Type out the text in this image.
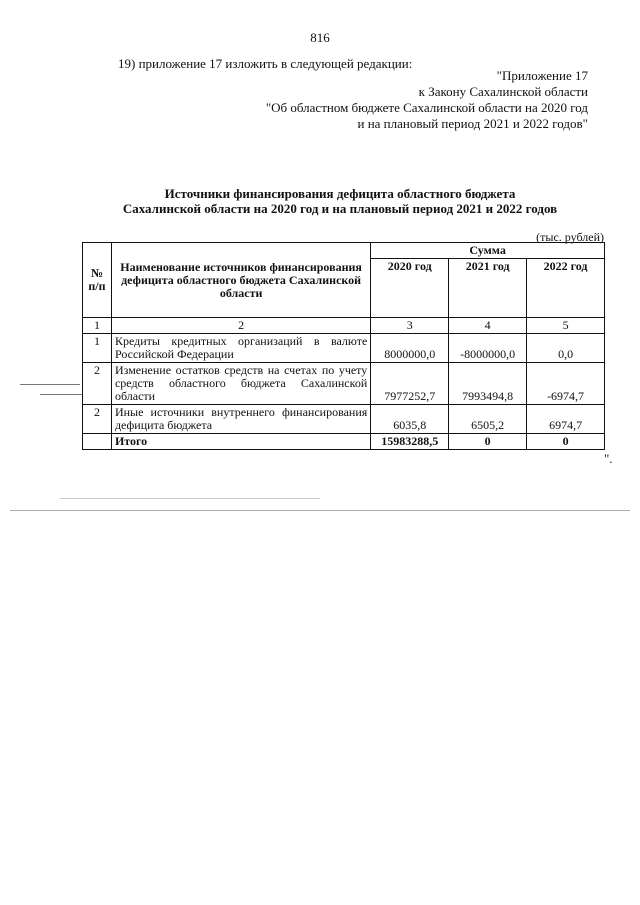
816
19) приложение 17 изложить в следующей редакции:
"Приложение 17
к Закону Сахалинской области
"Об областном бюджете Сахалинской области на 2020 год
и на плановый период 2021 и 2022 годов"
Источники финансирования дефицита областного бюджета
Сахалинской области на 2020 год и на плановый период 2021 и 2022 годов
(тыс. рублей)
№ п/п	Наименование источников финансирования дефицита областного бюджета Сахалинской области	Сумма		
		2020 год	2021 год	2022 год
1	2	3	4	5
1	Кредиты кредитных организаций в валюте Российской Федерации	8000000,0	-8000000,0	0,0
2	Изменение остатков средств на счетах по учету средств областного бюджета Сахалинской области	7977252,7	7993494,8	-6974,7
2	Иные источники внутреннего финансирования дефицита бюджета	6035,8	6505,2	6974,7
	Итого	15983288,5	0	0
".
